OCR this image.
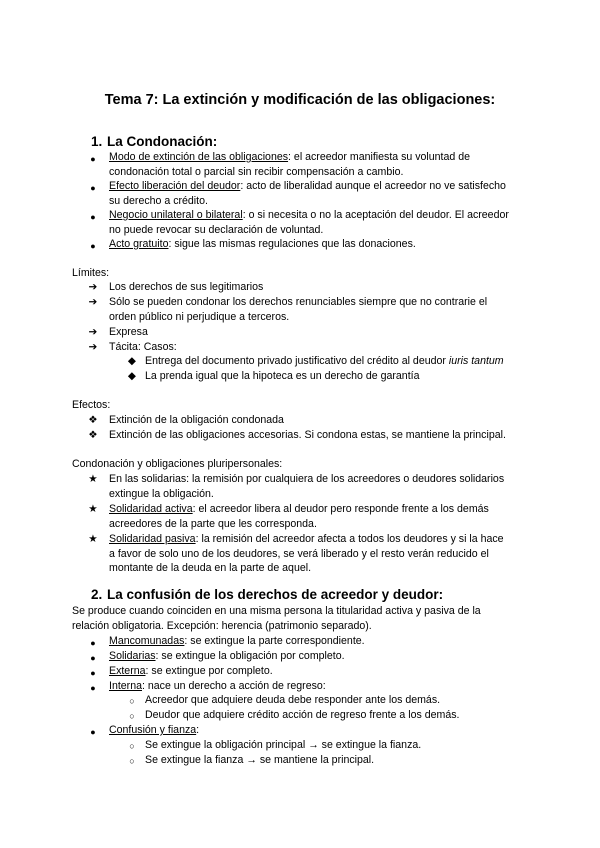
Tema 7: La extinción y modificación de las obligaciones:
1. La Condonación:
●	Modo de extinción de las obligaciones: el acreedor manifiesta su voluntad de
condonación total o parcial sin recibir compensación a cambio.
●	Efecto liberación del deudor: acto de liberalidad aunque el acreedor no ve satisfecho
su derecho a crédito.
●	Negocio unilateral o bilateral: o si necesita o no la aceptación del deudor. El acreedor
no puede revocar su declaración de voluntad.
●	Acto gratuito: sigue las mismas regulaciones que las donaciones.
Límites:
➔ Los derechos de sus legitimarios
➔ Sólo se pueden condonar los derechos renunciables siempre que no contrarie el
orden público ni perjudique a terceros.
➔ Expresa
➔ Tácita: Casos:
◆ Entrega del documento privado justificativo del crédito al deudor iuris tantum
◆ La prenda igual que la hipoteca es un derecho de garantía
Efectos:
❖ Extinción de la obligación condonada
❖ Extinción de las obligaciones accesorias. Si condona estas, se mantiene la principal.
Condonación y obligaciones pluripersonales:
★ En las solidarias: la remisión por cualquiera de los acreedores o deudores solidarios
extingue la obligación.
★ Solidaridad activa: el acreedor libera al deudor pero responde frente a los demás
acreedores de la parte que les corresponda.
★ Solidaridad pasiva: la remisión del acreedor afecta a todos los deudores y si la hace
a favor de solo uno de los deudores, se verá liberado y el resto verán reducido el
montante de la deuda en la parte de aquel.
2. La confusión de los derechos de acreedor y deudor:
Se produce cuando coinciden en una misma persona la titularidad activa y pasiva de la
relación obligatoria. Excepción: herencia (patrimonio separado).
●	Mancomunadas: se extingue la parte correspondiente.
●	Solidarias: se extingue la obligación por completo.
●	Externa: se extingue por completo.
●	Interna: nace un derecho a acción de regreso:
○ Acreedor que adquiere deuda debe responder ante los demás.
○ Deudor que adquiere crédito acción de regreso frente a los demás.
●	Confusión y fianza:
○ Se extingue la obligación principal → se extingue la fianza.
○ Se extingue la fianza → se mantiene la principal.
